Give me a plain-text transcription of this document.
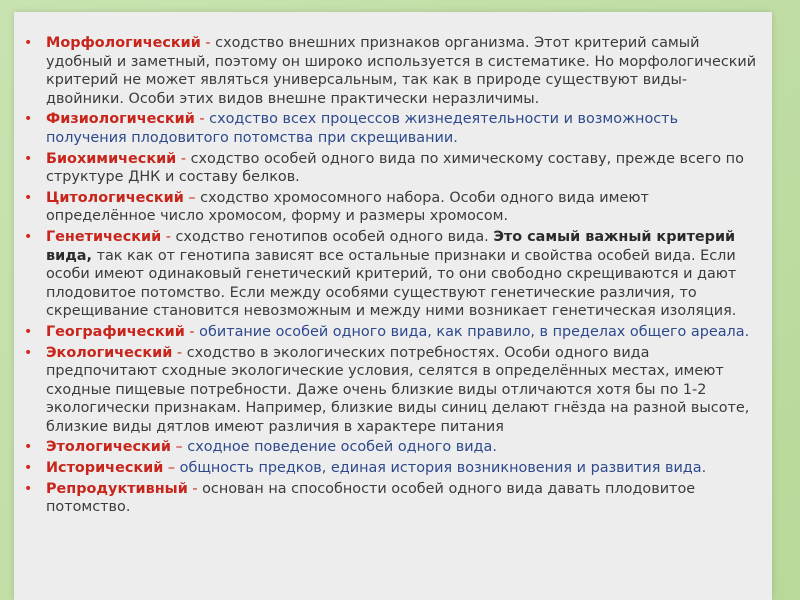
• Морфологический - сходство внешних признаков организма. Этот критерий самый удобный и заметный, поэтому он широко используется в систематике. Но морфологический критерий не может являться универсальным, так как в природе существуют виды-двойники. Особи этих видов внешне практически неразличимы.
• Физиологический - сходство всех процессов жизнедеятельности и возможность получения плодовитого потомства при скрещивании.
• Биохимический - сходство особей одного вида по химическому составу, прежде всего по структуре ДНК и составу белков.
• Цитологический – сходство хромосомного набора. Особи одного вида имеют определённое число хромосом, форму и размеры хромосом.
• Генетический - сходство генотипов особей одного вида. Это самый важный критерий вида, так как от генотипа зависят все остальные признаки и свойства особей вида. Если особи имеют одинаковый генетический критерий, то они свободно скрещиваются и дают плодовитое потомство. Если между особями существуют генетические различия, то скрещивание становится невозможным и между ними возникает генетическая изоляция.
• Географический - обитание особей одного вида, как правило, в пределах общего ареала.
• Экологический - сходство в экологических потребностях. Особи одного вида предпочитают сходные экологические условия, селятся в определённых местах, имеют сходные пищевые потребности. Даже очень близкие виды отличаются хотя бы по 1-2 экологически признакам. Например, близкие виды синиц делают гнёзда на разной высоте, близкие виды дятлов имеют различия в характере питания
• Этологический – сходное поведение особей одного вида.
• Исторический – общность предков, единая история возникновения и развития вида.
• Репродуктивный - основан на способности особей одного вида давать плодовитое потомство.
